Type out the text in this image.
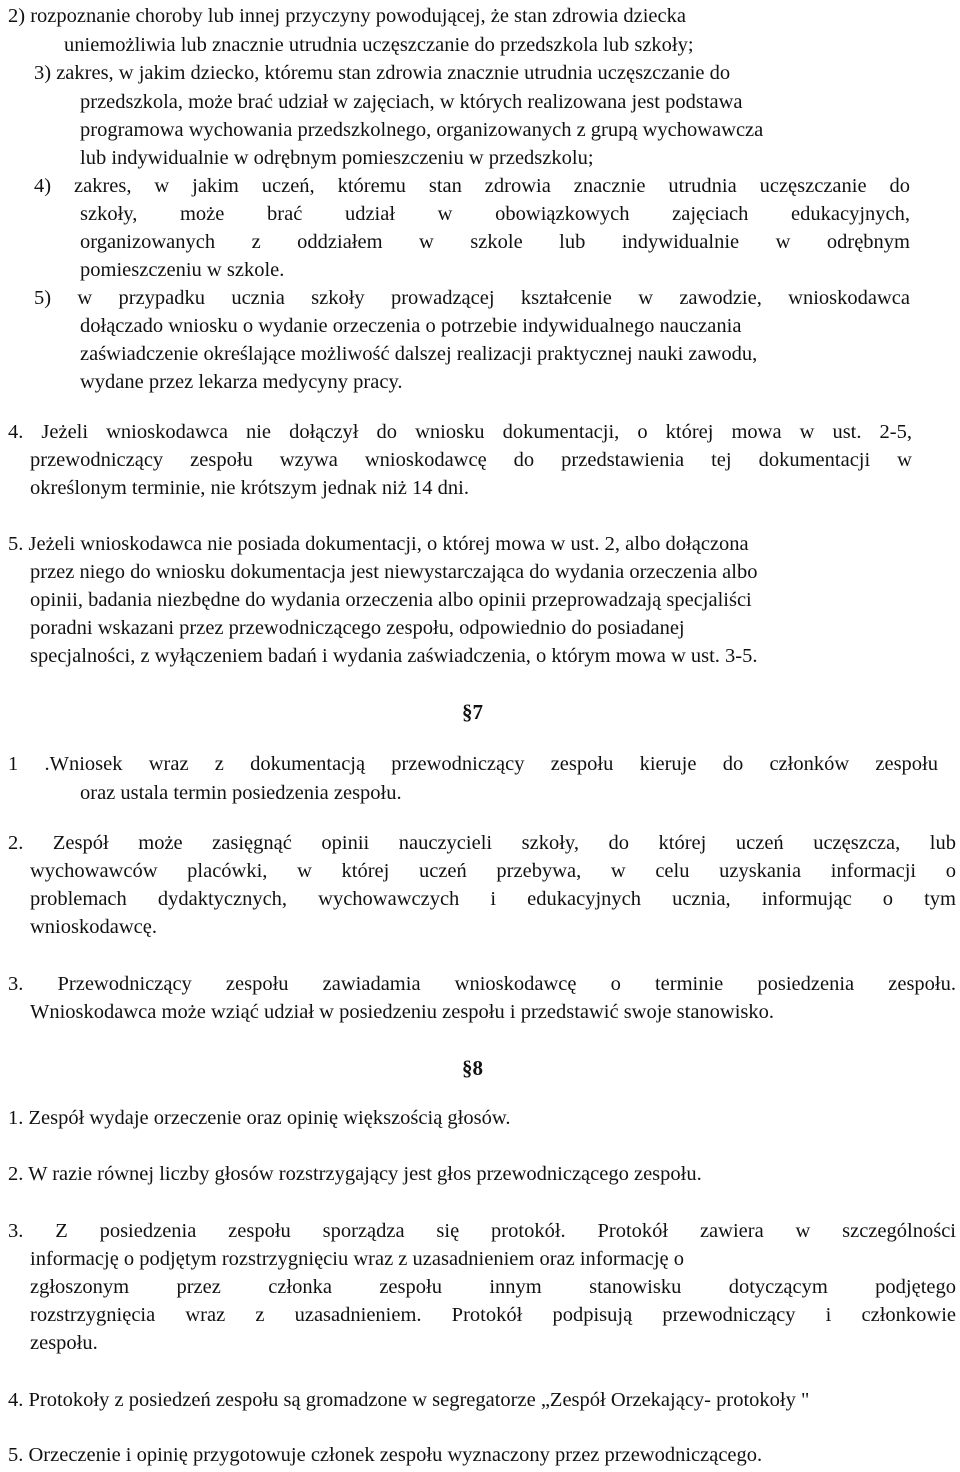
2) rozpoznanie choroby lub innej przyczyny powodującej, że stan zdrowia dziecka
uniemożliwia lub znacznie utrudnia uczęszczanie do przedszkola lub szkoły;
3) zakres, w jakim dziecko, któremu stan zdrowia znacznie utrudnia uczęszczanie do
przedszkola, może brać udział w zajęciach, w których realizowana jest podstawa
programowa wychowania przedszkolnego, organizowanych z grupą wychowawcza
lub indywidualnie w odrębnym pomieszczeniu w przedszkolu;
4) zakres, w jakim uczeń, któremu stan zdrowia znacznie utrudnia uczęszczanie do
szkoły, może brać udział w obowiązkowych zajęciach edukacyjnych,
organizowanych z oddziałem w szkole lub indywidualnie w odrębnym
pomieszczeniu w szkole.
5) w przypadku ucznia szkoły prowadzącej kształcenie w zawodzie, wnioskodawca
dołączado wniosku o wydanie orzeczenia o potrzebie indywidualnego nauczania
zaświadczenie określające możliwość dalszej realizacji praktycznej nauki zawodu,
wydane przez lekarza medycyny pracy.
4. Jeżeli wnioskodawca nie dołączył do wniosku dokumentacji, o której mowa w ust. 2-5,
przewodniczący zespołu wzywa wnioskodawcę do przedstawienia tej dokumentacji w
określonym terminie, nie krótszym jednak niż 14 dni.
5. Jeżeli wnioskodawca nie posiada dokumentacji, o której mowa w ust. 2, albo dołączona
przez niego do wniosku dokumentacja jest niewystarczająca do wydania orzeczenia albo
opinii, badania niezbędne do wydania orzeczenia albo opinii przeprowadzają specjaliści
poradni wskazani przez przewodniczącego zespołu, odpowiednio do posiadanej
specjalności, z wyłączeniem badań i wydania zaświadczenia, o którym mowa w ust. 3-5.
§7
1 .Wniosek wraz z dokumentacją przewodniczący zespołu kieruje do członków zespołu
oraz ustala termin posiedzenia zespołu.
2. Zespół może zasięgnąć opinii nauczycieli szkoły, do której uczeń uczęszcza, lub
wychowawców placówki, w której uczeń przebywa, w celu uzyskania informacji o
problemach dydaktycznych, wychowawczych i edukacyjnych ucznia, informując o tym
wnioskodawcę.
3. Przewodniczący zespołu zawiadamia wnioskodawcę o terminie posiedzenia zespołu.
Wnioskodawca może wziąć udział w posiedzeniu zespołu i przedstawić swoje stanowisko.
§8
1. Zespół wydaje orzeczenie oraz opinię większością głosów.
2. W razie równej liczby głosów rozstrzygający jest głos przewodniczącego zespołu.
3. Z posiedzenia zespołu sporządza się protokół. Protokół zawiera w szczególności
informację o podjętym rozstrzygnięciu wraz z uzasadnieniem oraz informację o
zgłoszonym przez członka zespołu innym stanowisku dotyczącym podjętego
rozstrzygnięcia wraz z uzasadnieniem. Protokół podpisują przewodniczący i członkowie
zespołu.
4. Protokoły z posiedzeń zespołu są gromadzone w segregatorze „Zespół Orzekający- protokoły "
5. Orzeczenie i opinię przygotowuje członek zespołu wyznaczony przez przewodniczącego.
